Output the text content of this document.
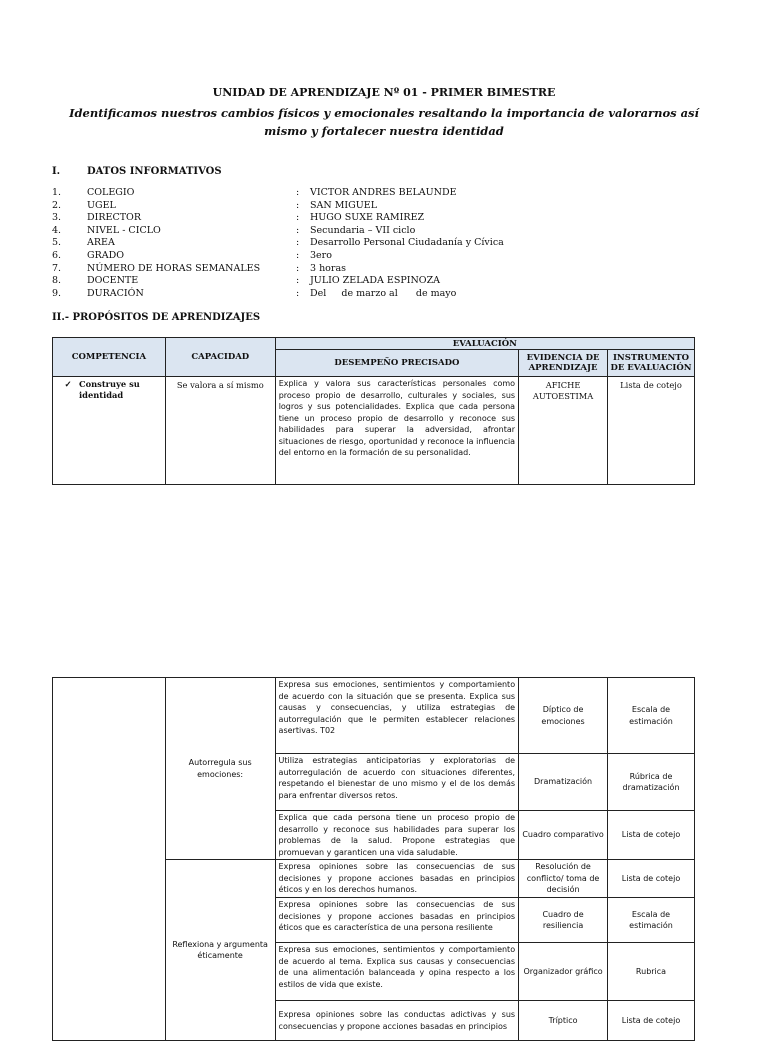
UNIDAD DE APRENDIZAJE Nº 01 - PRIMER BIMESTRE
Identificamos nuestros cambios físicos y emocionales resaltando la importancia de valorarnos así mismo y fortalecer nuestra identidad
I.	DATOS INFORMATIVOS
1.	COLEGIO	: VICTOR ANDRES BELAUNDE
2.	UGEL	: SAN MIGUEL
3.	DIRECTOR	: HUGO SUXE RAMIREZ
4.	NIVEL - CICLO	: Secundaria – VII ciclo
5.	AREA	: Desarrollo Personal Ciudadanía y Cívica
6.	GRADO	: 3ero
7.	NÚMERO DE HORAS SEMANALES	: 3 horas
8.	DOCENTE	: JULIO ZELADA ESPINOZA
9.	DURACIÓN	: Del     de marzo al      de mayo
II.- PROPÓSITOS DE APRENDIZAJES
COMPETENCIA	CAPACIDAD	EVALUACIÓN		
		DESEMPEÑO PRECISADO	EVIDENCIA DE APRENDIZAJE	INSTRUMENTO DE EVALUACIÓN

✓ Construye su identidad	Se valora a sí mismo	Explica y valora sus características personales como proceso propio de desarrollo, culturales y sociales, sus logros y sus potencialidades. Explica que cada persona tiene un proceso propio de desarrollo y reconoce sus habilidades para superar la adversidad, afrontar situaciones de riesgo, oportunidad y reconoce la influencia del entorno en la formación de su personalidad.	AFICHE AUTOESTIMA	Lista de cotejo
	Autorregula sus emociones:	Expresa sus emociones, sentimientos y comportamiento de acuerdo con la situación que se presenta. Explica sus causas y consecuencias, y utiliza estrategias de autorregulación que le permiten establecer relaciones asertivas. T02	Díptico de emociones	Escala de estimación
		Utiliza estrategias anticipatorias y exploratorias de autorregulación de acuerdo con situaciones diferentes, respetando el bienestar de uno mismo y el de los demás para enfrentar diversos retos.	Dramatización	Rúbrica de dramatización
		Explica que cada persona tiene un proceso propio de desarrollo y reconoce sus habilidades para superar los problemas de la salud. Propone estrategias que promuevan y garanticen una vida saludable.	Cuadro comparativo	Lista de cotejo
	Reflexiona y argumenta éticamente	Expresa opiniones sobre las consecuencias de sus decisiones y propone acciones basadas en principios éticos y en los derechos humanos.	Resolución de conflicto/ toma de decisión	Lista de cotejo
		Expresa opiniones sobre las consecuencias de sus decisiones y propone acciones basadas en principios éticos que es característica de una persona resiliente	Cuadro de resiliencia	Escala de estimación
		Expresa sus emociones, sentimientos y comportamiento de acuerdo al tema. Explica sus causas y consecuencias de una alimentación balanceada y opina respecto a los estilos de vida que existe.	Organizador gráfico	Rubrica
		Expresa opiniones sobre las conductas adictivas y sus consecuencias y propone acciones basadas en principios	Tríptico	Lista de cotejo
